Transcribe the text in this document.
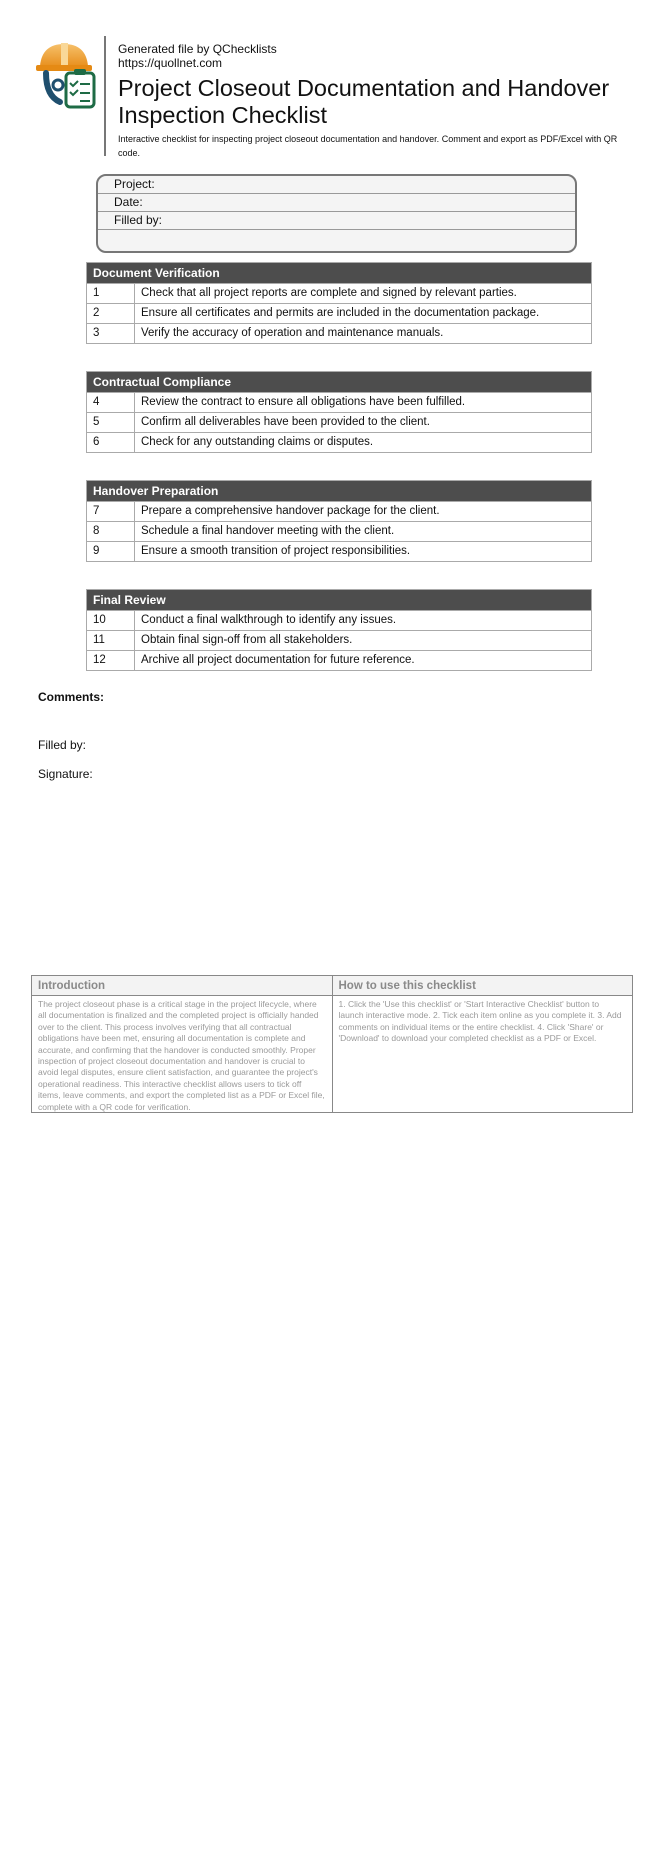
Generated file by QChecklists
https://quollnet.com
Project Closeout Documentation and Handover Inspection Checklist
Interactive checklist for inspecting project closeout documentation and handover. Comment and export as PDF/Excel with QR code.
Project:
Date:
Filled by:
Document Verification
1	Check that all project reports are complete and signed by relevant parties.
2	Ensure all certificates and permits are included in the documentation package.
3	Verify the accuracy of operation and maintenance manuals.
Contractual Compliance
4	Review the contract to ensure all obligations have been fulfilled.
5	Confirm all deliverables have been provided to the client.
6	Check for any outstanding claims or disputes.
Handover Preparation
7	Prepare a comprehensive handover package for the client.
8	Schedule a final handover meeting with the client.
9	Ensure a smooth transition of project responsibilities.
Final Review
10	Conduct a final walkthrough to identify any issues.
11	Obtain final sign-off from all stakeholders.
12	Archive all project documentation for future reference.
Comments:
Filled by:
Signature:
Introduction
The project closeout phase is a critical stage in the project lifecycle, where all documentation is finalized and the completed project is officially handed over to the client. This process involves verifying that all contractual obligations have been met, ensuring all documentation is complete and accurate, and confirming that the handover is conducted smoothly. Proper inspection of project closeout documentation and handover is crucial to avoid legal disputes, ensure client satisfaction, and guarantee the project's operational readiness. This interactive checklist allows users to tick off items, leave comments, and export the completed list as a PDF or Excel file, complete with a QR code for verification.
How to use this checklist
1. Click the 'Use this checklist' or 'Start Interactive Checklist' button to launch interactive mode. 2. Tick each item online as you complete it. 3. Add comments on individual items or the entire checklist. 4. Click 'Share' or 'Download' to download your completed checklist as a PDF or Excel.
